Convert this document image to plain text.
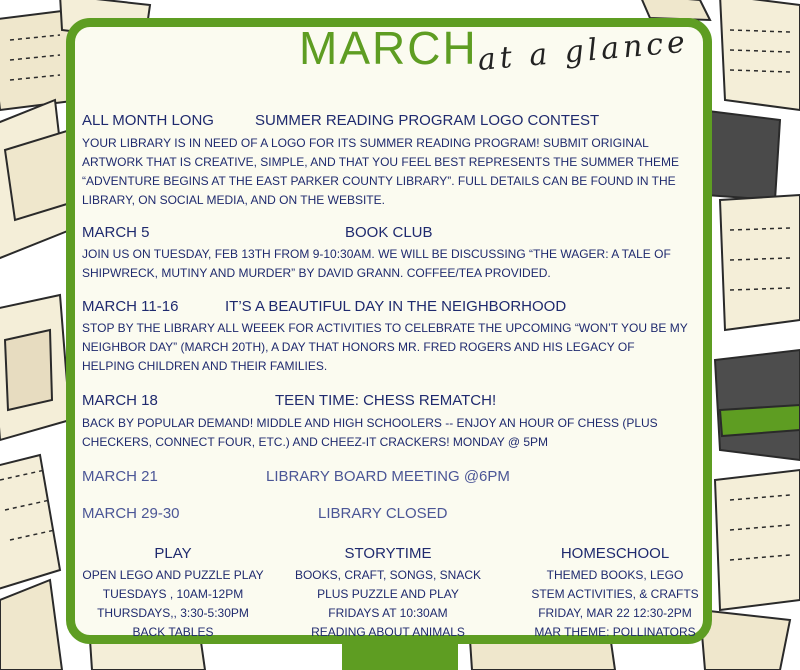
MARCH
at a glance
ALL MONTH LONG	SUMMER READING PROGRAM LOGO CONTEST
YOUR LIBRARY IS IN NEED OF A LOGO FOR ITS SUMMER READING PROGRAM! SUBMIT ORIGINAL
ARTWORK THAT IS CREATIVE, SIMPLE, AND THAT YOU FEEL BEST REPRESENTS THE SUMMER THEME
“ADVENTURE BEGINS AT THE EAST PARKER COUNTY LIBRARY”. FULL DETAILS CAN BE FOUND IN THE
LIBRARY, ON SOCIAL MEDIA, AND ON THE WEBSITE.
MARCH 5	BOOK CLUB
JOIN US ON TUESDAY, FEB 13TH FROM 9-10:30AM. WE WILL BE DISCUSSING “THE WAGER: A TALE OF
SHIPWRECK, MUTINY AND MURDER” BY DAVID GRANN. COFFEE/TEA PROVIDED.
MARCH 11-16	IT’S A BEAUTIFUL DAY IN THE NEIGHBORHOOD
STOP BY THE LIBRARY ALL WEEEK FOR ACTIVITIES TO CELEBRATE THE UPCOMING “WON’T YOU BE MY
NEIGHBOR DAY” (MARCH 20TH), A DAY THAT HONORS MR. FRED ROGERS AND HIS LEGACY OF
HELPING CHILDREN AND THEIR FAMILIES.
MARCH 18	TEEN TIME: CHESS REMATCH!
BACK BY POPULAR DEMAND! MIDDLE AND HIGH SCHOOLERS -- ENJOY AN HOUR OF CHESS (PLUS
CHECKERS, CONNECT FOUR, ETC.) AND CHEEZ-IT CRACKERS! MONDAY @ 5PM
MARCH 21	LIBRARY BOARD MEETING @6PM
MARCH 29-30	LIBRARY CLOSED
PLAY
OPEN LEGO AND PUZZLE PLAY
TUESDAYS , 10AM-12PM
THURSDAYS,, 3:30-5:30PM
BACK TABLES
STORYTIME
BOOKS, CRAFT, SONGS, SNACK
PLUS PUZZLE AND PLAY
FRIDAYS AT 10:30AM
READING ABOUT ANIMALS
HOMESCHOOL
THEMED BOOKS, LEGO
STEM ACTIVITIES, & CRAFTS
FRIDAY, MAR 22 12:30-2PM
MAR THEME: POLLINATORS
